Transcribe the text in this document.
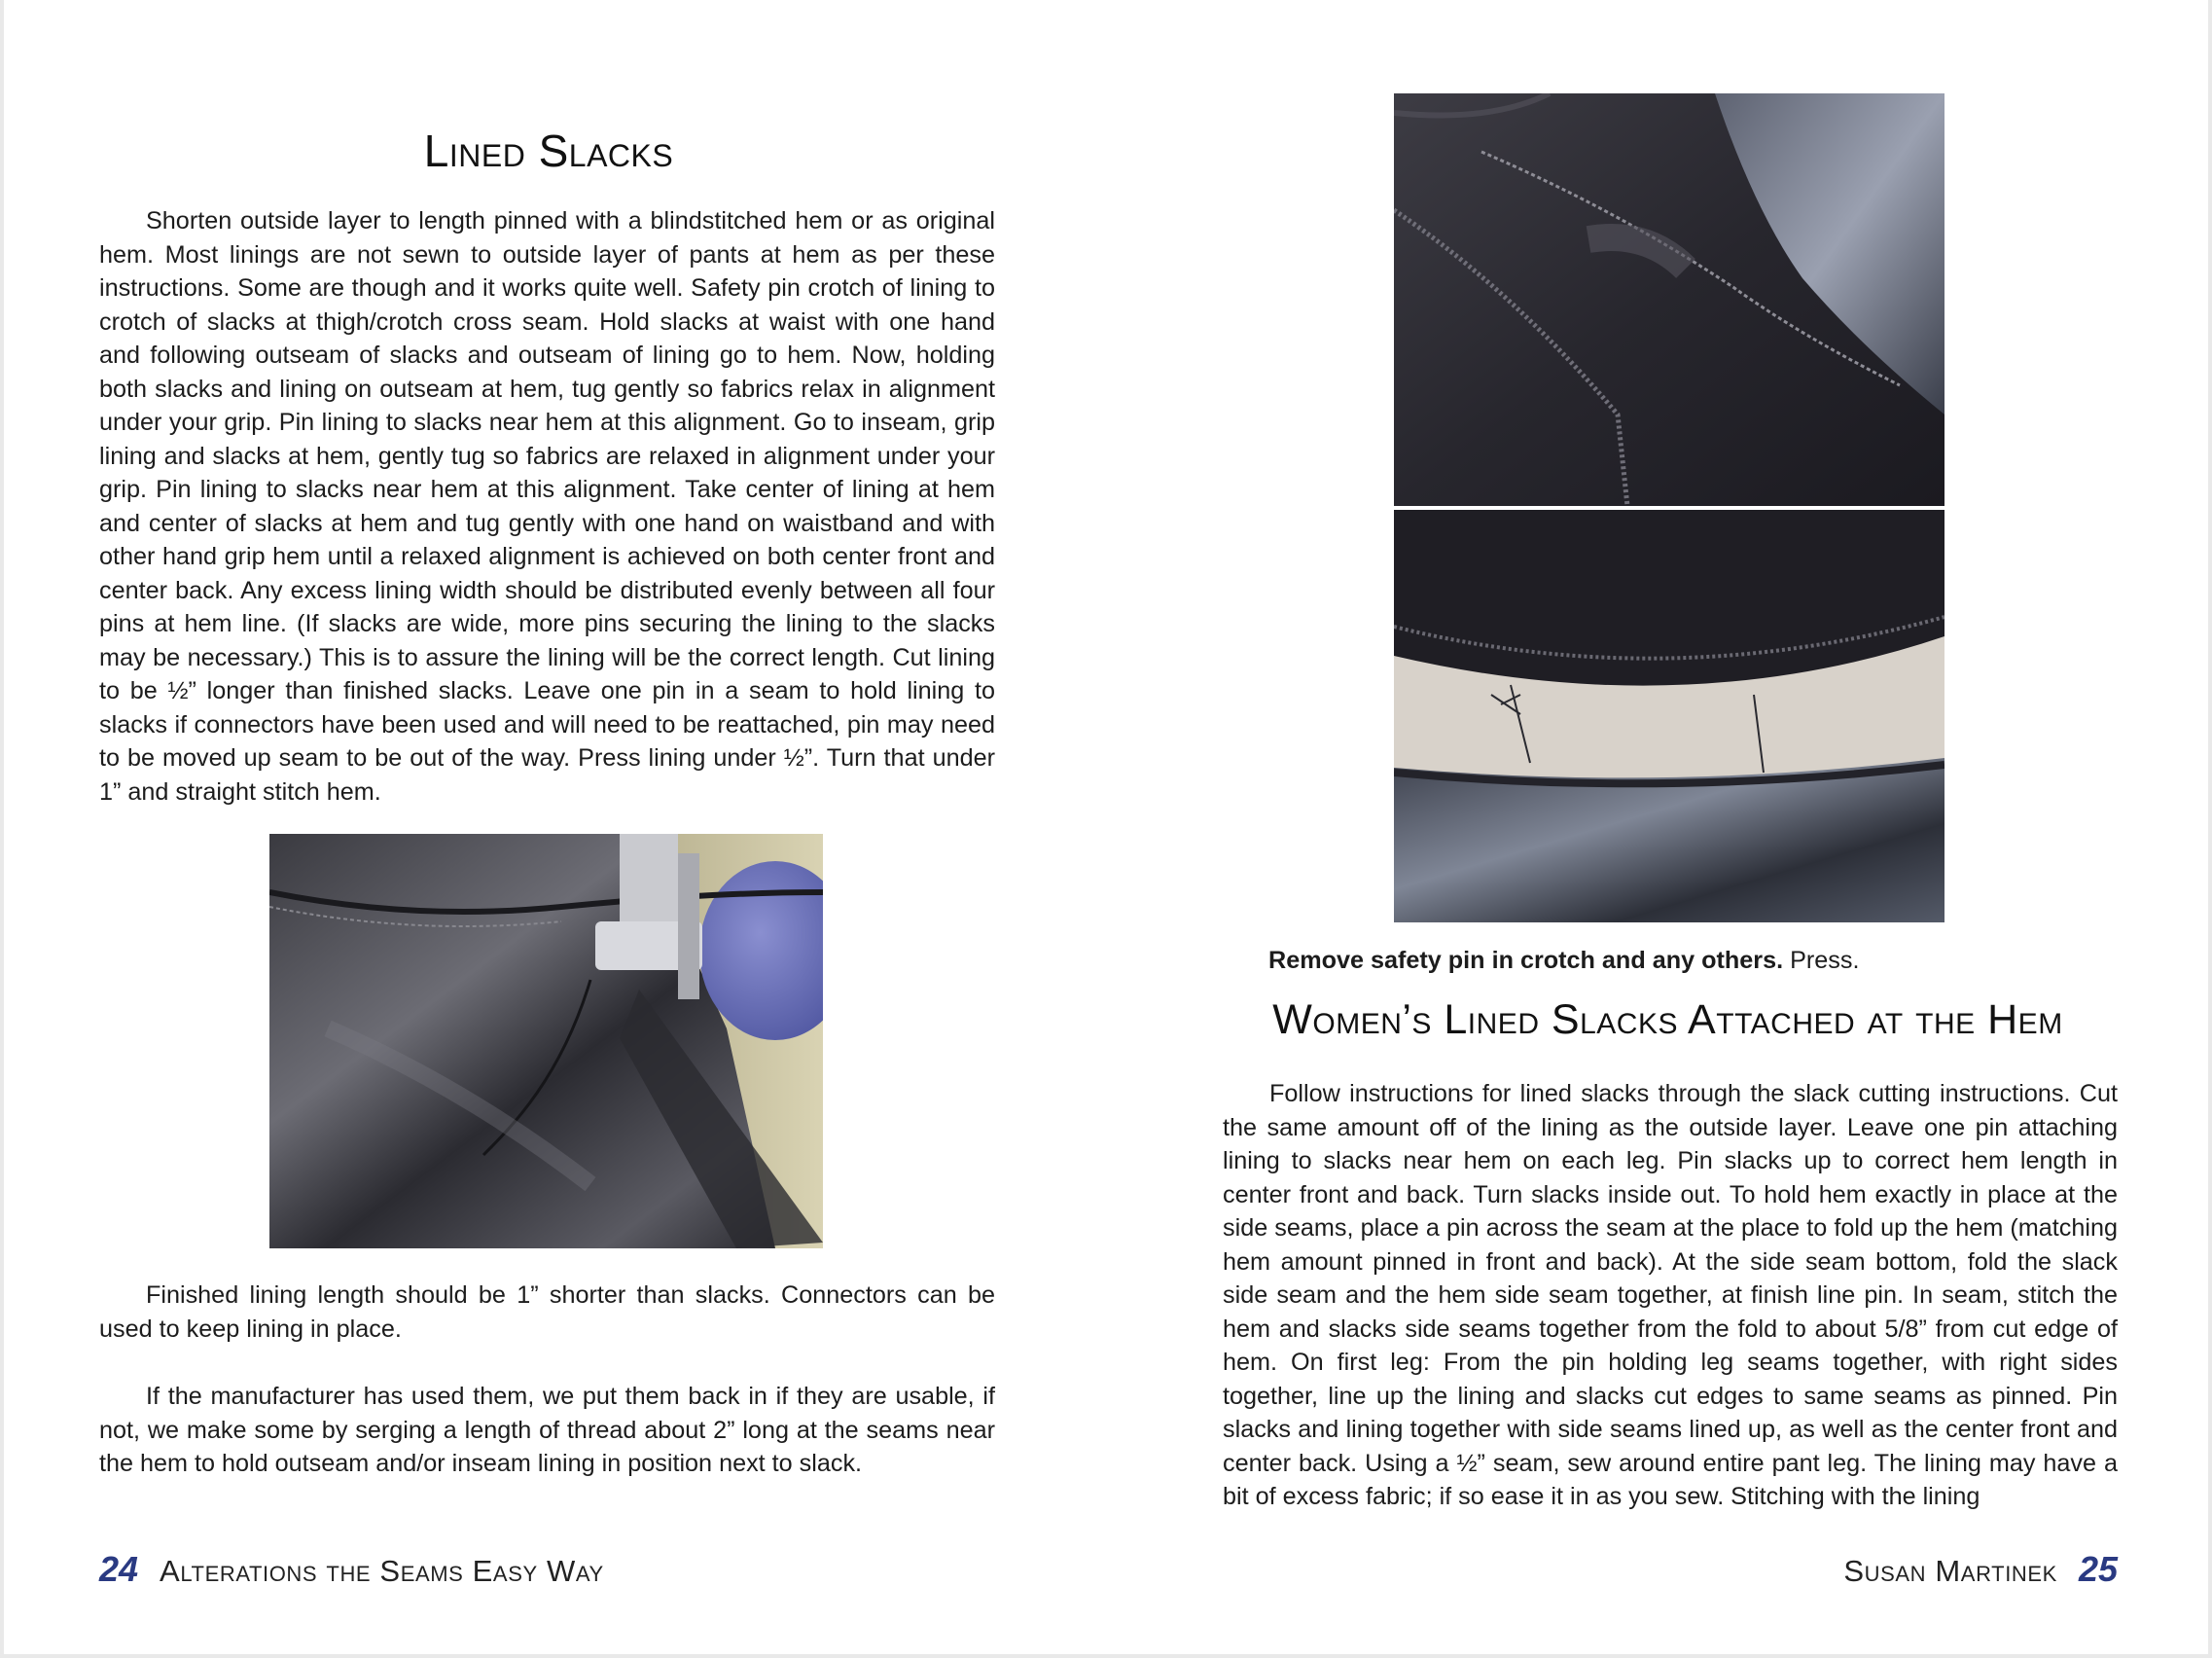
Lined Slacks

Shorten outside layer to length pinned with a blindstitched hem or as original hem. Most linings are not sewn to outside layer of pants at hem as per these instructions. Some are though and it works quite well. Safety pin crotch of lining to crotch of slacks at thigh/crotch cross seam. Hold slacks at waist with one hand and following outseam of slacks and outseam of lining go to hem. Now, holding both slacks and lining on outseam at hem, tug gently so fabrics relax in alignment under your grip. Pin lining to slacks near hem at this alignment. Go to inseam, grip lining and slacks at hem, gently tug so fabrics are relaxed in alignment under your grip. Pin lining to slacks near hem at this alignment. Take center of lining at hem and center of slacks at hem and tug gently with one hand on waistband and with other hand grip hem until a relaxed alignment is achieved on both center front and center back. Any excess lining width should be distributed evenly between all four pins at hem line. (If slacks are wide, more pins securing the lining to the slacks may be necessary.) This is to assure the lining will be the correct length. Cut lining to be ½” longer than finished slacks. Leave one pin in a seam to hold lining to slacks if connectors have been used and will need to be reattached, pin may need to be moved up seam to be out of the way. Press lining under ½”. Turn that under 1” and straight stitch hem.

Finished lining length should be 1” shorter than slacks. Connectors can be used to keep lining in place.

If the manufacturer has used them, we put them back in if they are usable, if not, we make some by serging a length of thread about 2” long at the seams near the hem to hold outseam and/or inseam lining in position next to slack.

24 Alterations the Seams Easy Way

Remove safety pin in crotch and any others. Press.

Women’s Lined Slacks Attached at the Hem

Follow instructions for lined slacks through the slack cutting instructions. Cut the same amount off of the lining as the outside layer. Leave one pin attaching lining to slacks near hem on each leg. Pin slacks up to correct hem length in center front and back. Turn slacks inside out. To hold hem exactly in place at the side seams, place a pin across the seam at the place to fold up the hem (matching hem amount pinned in front and back). At the side seam bottom, fold the slack side seam and the hem side seam together, at finish line pin. In seam, stitch the hem and slacks side seams together from the fold to about 5/8” from cut edge of hem. On first leg: From the pin holding leg seams together, with right sides together, line up the lining and slacks cut edges to same seams as pinned. Pin slacks and lining together with side seams lined up, as well as the center front and center back. Using a ½” seam, sew around entire pant leg. The lining may have a bit of excess fabric; if so ease it in as you sew. Stitching with the lining

Susan Martinek 25
